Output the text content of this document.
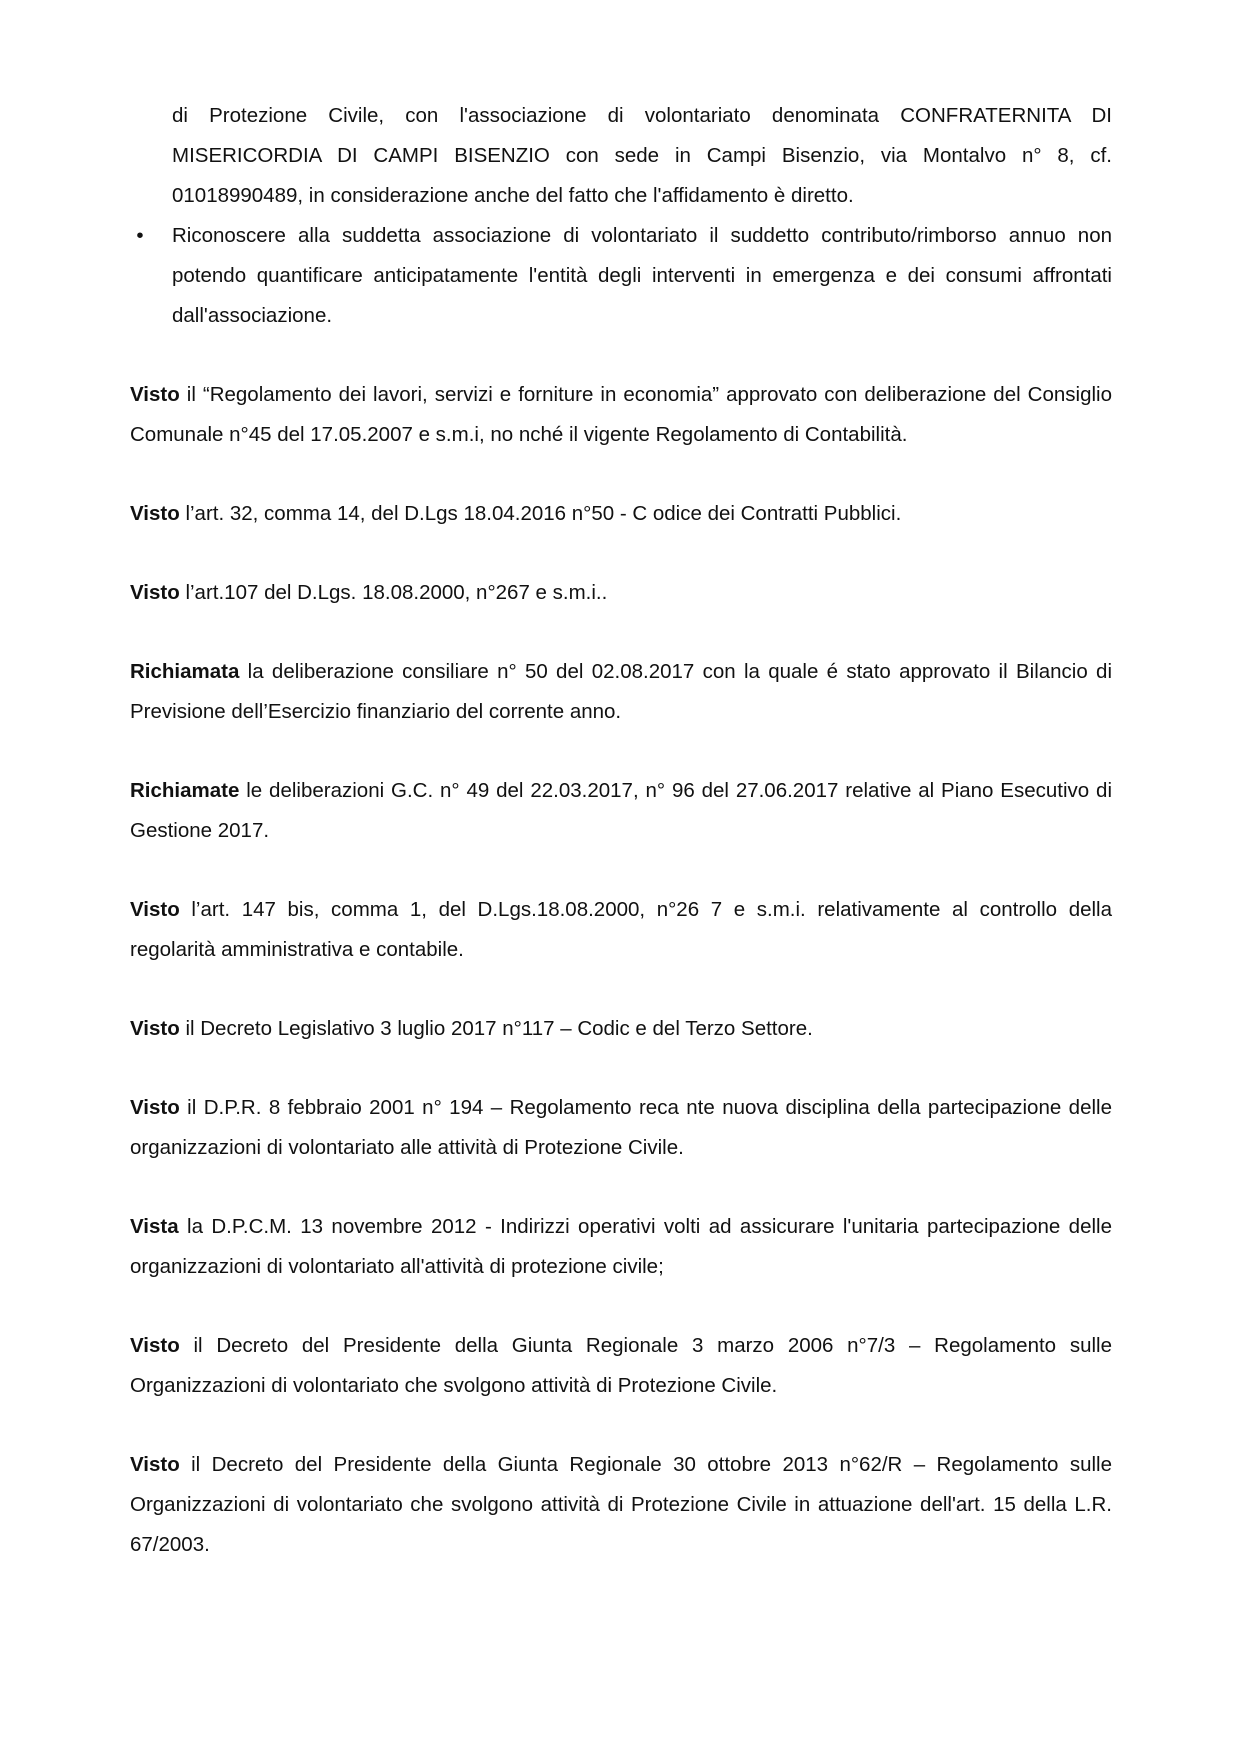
di Protezione Civile, con l'associazione di volontariato denominata CONFRATERNITA DI MISERICORDIA DI CAMPI BISENZIO con sede in Campi Bisenzio, via Montalvo n° 8, cf. 01018990489, in considerazione anche del fatto che l'affidamento è diretto.

•	Riconoscere alla suddetta associazione di volontariato il suddetto contributo/rimborso annuo non potendo quantificare anticipatamente l'entità degli interventi in emergenza e dei consumi affrontati dall'associazione.

Visto il “Regolamento dei lavori, servizi e forniture in economia” approvato con deliberazione del Consiglio Comunale n°45 del 17.05.2007 e s.m.i, no nché il vigente Regolamento di Contabilità.

Visto l’art. 32, comma 14, del D.Lgs 18.04.2016 n°50 - C odice dei Contratti Pubblici.

Visto l’art.107 del D.Lgs. 18.08.2000, n°267 e s.m.i..

Richiamata la deliberazione consiliare n° 50 del 02.08.2017 con la quale é stato approvato il Bilancio di Previsione dell’Esercizio finanziario del corrente anno.

Richiamate le deliberazioni G.C. n° 49 del 22.03.2017, n° 96 del 27.06.2017 relative al Piano Esecutivo di Gestione 2017.

Visto l’art. 147 bis, comma 1, del D.Lgs.18.08.2000, n°26 7 e s.m.i. relativamente al controllo della regolarità amministrativa e contabile.

Visto il Decreto Legislativo 3 luglio 2017 n°117 – Codic e del Terzo Settore.

Visto il D.P.R. 8 febbraio 2001 n° 194 – Regolamento reca nte nuova disciplina della partecipazione delle organizzazioni di volontariato alle attività di Protezione Civile.

Vista la D.P.C.M. 13 novembre 2012 - Indirizzi operativi volti ad assicurare l'unitaria partecipazione delle organizzazioni di volontariato all'attività di protezione civile;

Visto il Decreto del Presidente della Giunta Regionale 3 marzo 2006 n°7/3 – Regolamento sulle Organizzazioni di volontariato che svolgono attività di Protezione Civile.

Visto il Decreto del Presidente della Giunta Regionale 30 ottobre 2013 n°62/R – Regolamento sulle Organizzazioni di volontariato che svolgono attività di Protezione Civile in attuazione dell'art. 15 della L.R. 67/2003.
